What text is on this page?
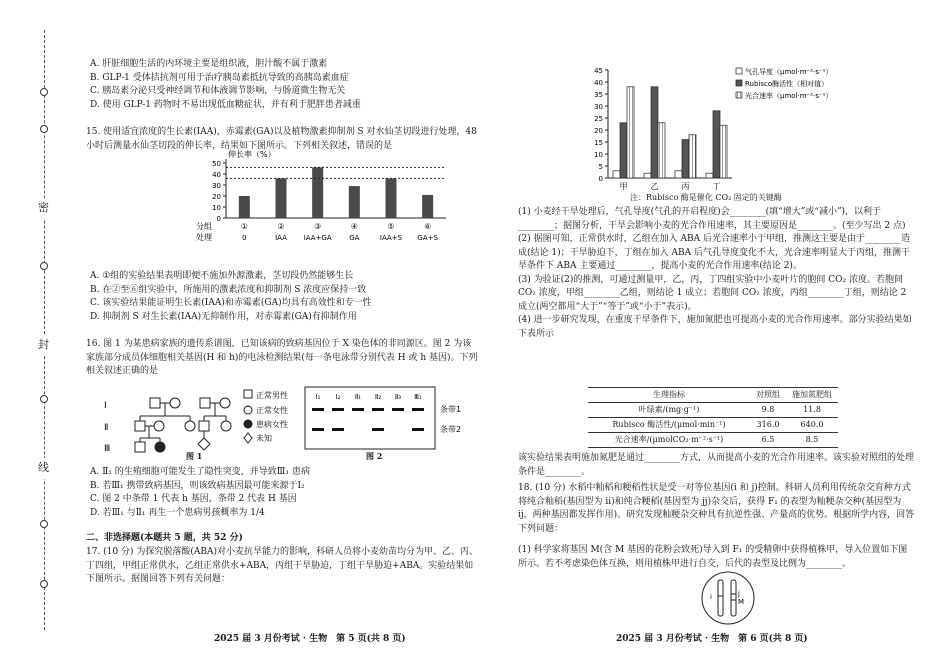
密
封
线
A. 肝脏细胞生活的内环境主要是组织液，胆汁酸不属于激素
B. GLP-1 受体拮抗剂可用于治疗胰岛素抵抗导致的高胰岛素血症
C. 胰岛素分泌只受神经调节和体液调节影响，与肠道微生物无关
D. 使用 GLP-1 药物时不易出现低血糖症状，并有利于肥胖患者减重
15. 使用适宜浓度的生长素(IAA)，赤霉素(GA)以及植物激素抑制剂 S 对水仙茎切段进行处理，48 小时后测量水仙茎切段的伸长率，结果如下图所示。下列相关叙述，错误的是
伸长率（%）
0
10
20
30
40
50
①
0
②
IAA
③
IAA+GA
④
GA
⑤
IAA+S
⑥
GA+S
分组
处理
A. ①组的实验结果表明即便不施加外源激素，茎切段仍然能够生长
B. 在②至⑥组实验中，所施用的激素浓度和抑制剂 S 浓度应保持一致
C. 该实验结果能证明生长素(IAA)和赤霉素(GA)均具有高效性和专一性
D. 抑制剂 S 对生长素(IAA)无抑制作用，对赤霉素(GA)有抑制作用
16. 图 1 为某患病家族的遗传系谱图，已知该病的致病基因位于 X 染色体的非同源区。图 2 为该家族部分成员体细胞相关基因(H 和 h)的电泳检测结果(每一条电泳带分别代表 H 或 h 基因)。下列相关叙述正确的是
Ⅰ
Ⅱ
Ⅲ
正常男性
正常女性
患病女性
未知
图 1
Ⅰ₁ Ⅰ₂ Ⅱ₁ Ⅱ₂ Ⅱ₃ Ⅲ₁
条带1
条带2
图 2
A. Ⅱ₁ 的生殖细胞可能发生了隐性突变，并导致Ⅲ₁ 患病
B. 若Ⅲ₁ 携带致病基因，则该致病基因最可能来源于Ⅰ₂
C. 图 2 中条带 1 代表 h 基因，条带 2 代表 H 基因
D. 若Ⅲ₁ 与Ⅱ₁ 再生一个患病男孩概率为 1/4
二、非选择题(本题共 5 题，共 52 分)
17. (10 分) 为探究脱落酸(ABA)对小麦抗旱能力的影响，科研人员将小麦幼苗均分为甲、乙、丙、丁四组，甲组正常供水，乙组正常供水+ABA，丙组干旱胁迫，丁组干旱胁迫+ABA。实验结果如下图所示。据图回答下列有关问题：
2025 届 3 月份考试 · 生物　第 5 页(共 8 页)
0
5
10
15
20
25
30
35
40
45
甲	乙	丙	丁
气孔导度（μmol·m⁻²·s⁻¹）
Rubisco酶活性（相对值）
光合速率（μmol·m⁻²·s⁻¹）
注：Rubisco 酶是催化 CO₂ 固定的关键酶
(1) 小麦经干旱处理后，气孔导度(气孔的开启程度)会________(填“增大”或“减小”)，以利于________；据图分析，干旱会影响小麦的光合作用速率，其主要原因是________。(至少写出 2 点)
(2) 据图可知，正常供水时，乙组在加入 ABA 后光合速率小于甲组，推测这主要是由于________造成(结论 1)；干旱胁迫下，丁组在加入 ABA 后气孔导度变化不大，光合速率明显大于丙组，推测干旱条件下 ABA 主要通过________，提高小麦的光合作用速率(结论 2)。
(3) 为验证(2)的推测，可通过测量甲，乙，丙，丁四组实验中小麦叶片的胞间 CO₂ 浓度。若胞间 CO₂ 浓度，甲组________乙组，则结论 1 成立；若胞间 CO₂ 浓度，丙组________丁组，则结论 2 成立(两空都用“大于”“等于”或“小于”表示)。
(4) 进一步研究发现，在重度干旱条件下，施加氮肥也可提高小麦的光合作用速率。部分实验结果如下表所示
生理指标	对照组	施加氮肥组
叶绿素/(mg·g⁻¹)	9.8	11.8
Rubisco 酶活性/(μmol·min⁻¹)	316.0	640.0
光合速率/(μmolCO₂·m⁻²·s⁻¹)	6.5	8.5
该实验结果表明施加氮肥是通过________方式，从而提高小麦的光合作用速率。该实验对照组的处理条件是________。
18. (10 分) 水稻中籼稻和粳稻性状是受一对等位基因(i 和 j)控制。科研人员利用传统杂交育种方式将纯合籼稻(基因型为 ii)和纯合粳稻(基因型为 jj)杂交后，获得 F₁ 的表型为籼粳杂交种(基因型为 ij，两种基因都发挥作用)。研究发现籼粳杂交种具有抗逆性强、产量高的优势。根据所学内容，回答下列问题：
(1) 科学家将基因 M(含 M 基因的花粉会致死)导入到 F₁ 的受精卵中获得植株甲，导入位置如下图所示。若不考虑染色体互换，则用植株甲进行自交，后代的表型及比例为________。
i	j
M
2025 届 3 月份考试 · 生物　第 6 页(共 8 页)
